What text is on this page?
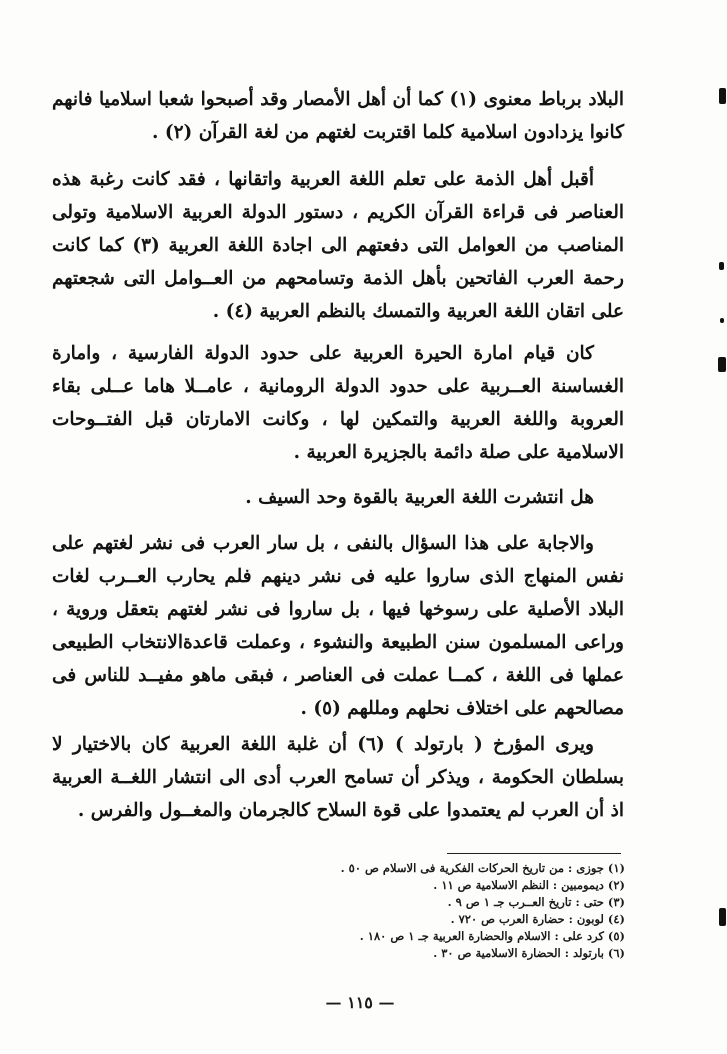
البلاد برباط معنوى (١) كما أن أهل الأمصار وقد أصبحوا شعبا اسلاميا فانهم كانوا يزدادون اسلامية كلما اقتربت لغتهم من لغة القرآن (٢) .

أقبل أهل الذمة على تعلم اللغة العربية واتقانها ، فقد كانت رغبة هذه العناصر فى قراءة القرآن الكريم ، دستور الدولة العربية الاسلامية وتولى المناصب من العوامل التى دفعتهم الى اجادة اللغة العربية (٣) كما كانت رحمة العرب الفاتحين بأهل الذمة وتسامحهم من العــوامل التى شجعتهم على اتقان اللغة العربية والتمسك بالنظم العربية (٤) .

كان قيام امارة الحيرة العربية على حدود الدولة الفارسية ، وامارة الغساسنة العــربية على حدود الدولة الرومانية ، عامــلا هاما عــلى بقاء العروبة واللغة العربية والتمكين لها ، وكانت الامارتان قبل الفتــوحات الاسلامية على صلة دائمة بالجزيرة العربية .

هل انتشرت اللغة العربية بالقوة وحد السيف .

والاجابة على هذا السؤال بالنفى ، بل سار العرب فى نشر لغتهم على نفس المنهاج الذى ساروا عليه فى نشر دينهم فلم يحارب العــرب لغات البلاد الأصلية على رسوخها فيها ، بل ساروا فى نشر لغتهم بتعقل وروية ، وراعى المسلمون سنن الطبيعة والنشوء ، وعملت قاعدةالانتخاب الطبيعى عملها فى اللغة ، كمــا عملت فى العناصر ، فبقى ماهو مفيــد للناس فى مصالحهم على اختلاف نحلهم ومللهم (٥) .

ويرى المؤرخ ( بارتولد ) (٦) أن غلبة اللغة العربية كان بالاختيار لا بسلطان الحكومة ، ويذكر أن تسامح العرب أدى الى انتشار اللغــة العربية اذ أن العرب لم يعتمدوا على قوة السلاح كالجرمان والمغــول والفرس .

(١) جوزى : من تاريخ الحركات الفكرية فى الاسلام ص ٥٠ .
(٢) ديمومبين : النظم الاسلامية ص ١١ .
(٣) حتى : تاريخ العــرب جـ ١ ص ٩ .
(٤) لوبون : حضارة العرب ص ٧٢٠ .
(٥) كرد على : الاسلام والحضارة العربية جـ ١ ص ١٨٠ .
(٦) بارتولد : الحضارة الاسلامية ص ٣٠ .
— ١١٥ —
